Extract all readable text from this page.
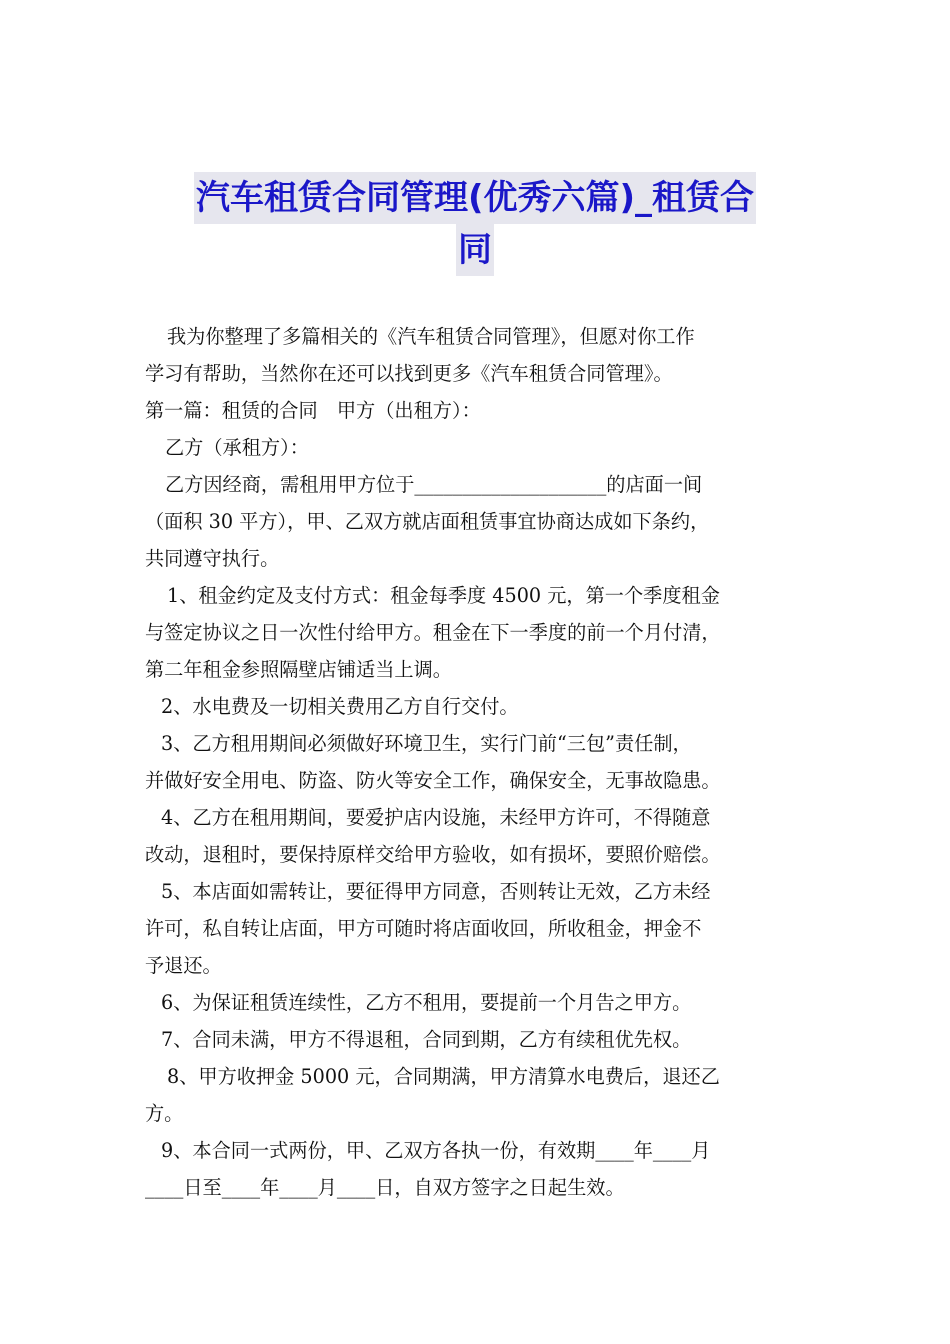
汽车租赁合同管理(优秀六篇)_租赁合
同

我为你整理了多篇相关的《汽车租赁合同管理》，但愿对你工作

学习有帮助，当然你在还可以找到更多《汽车租赁合同管理》。

第一篇：租赁的合同　甲方（出租方）：

乙方（承租方）：

乙方因经商，需租用甲方位于____________________的店面一间

（面积 30 平方），甲、乙双方就店面租赁事宜协商达成如下条约，

共同遵守执行。

1、租金约定及支付方式：租金每季度 4500 元，第一个季度租金

与签定协议之日一次性付给甲方。租金在下一季度的前一个月付清，

第二年租金参照隔壁店铺适当上调。

2、水电费及一切相关费用乙方自行交付。

3、乙方租用期间必须做好环境卫生，实行门前“三包”责任制，

并做好安全用电、防盗、防火等安全工作，确保安全，无事故隐患。

4、乙方在租用期间，要爱护店内设施，未经甲方许可，不得随意

改动，退租时，要保持原样交给甲方验收，如有损坏，要照价赔偿。

5、本店面如需转让，要征得甲方同意，否则转让无效，乙方未经

许可，私自转让店面，甲方可随时将店面收回，所收租金，押金不

予退还。

6、为保证租赁连续性，乙方不租用，要提前一个月告之甲方。

7、合同未满，甲方不得退租，合同到期，乙方有续租优先权。

8、甲方收押金 5000 元，合同期满，甲方清算水电费后，退还乙

方。

9、本合同一式两份，甲、乙双方各执一份，有效期____年____月

____日至____年____月____日，自双方签字之日起生效。
